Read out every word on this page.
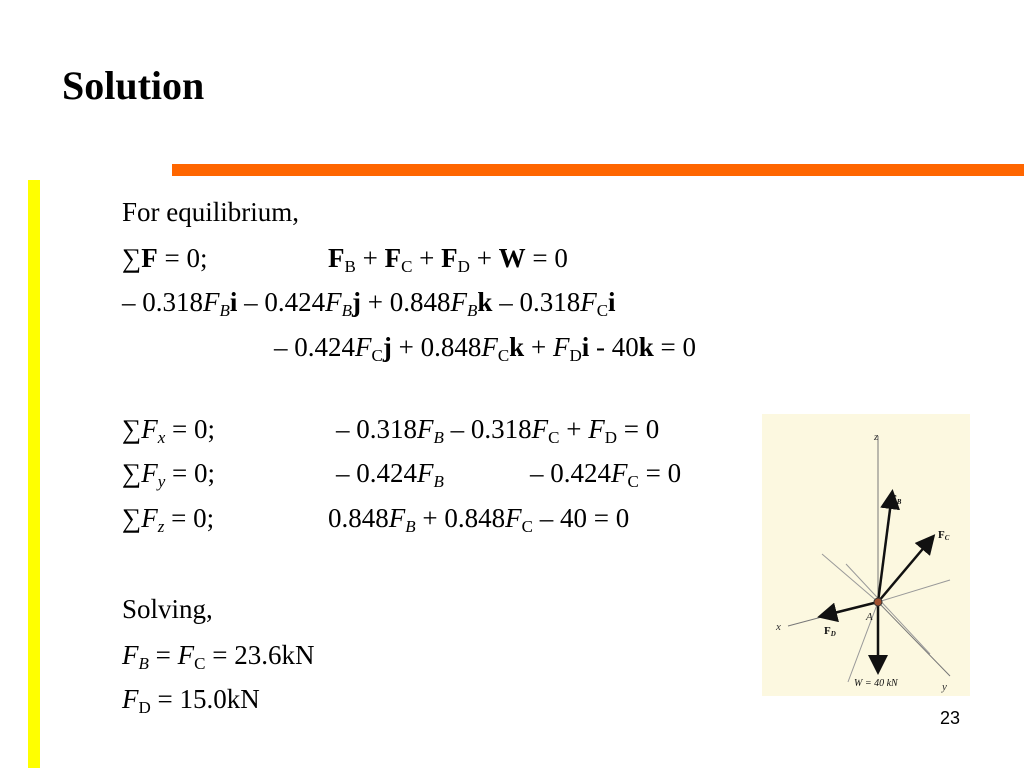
Solution
For equilibrium,
∑F = 0;	$F_B + F_C + F_D + W = 0$
– $0.318F_Bi - 0.424F_Bj + 0.848F_Bk - 0.318F_Ci$
– $0.424F_Cj + 0.848F_Ck + F_Di - 40k = 0$
$\sum F_x = 0$;	– $0.318F_B - 0.318F_C + F_D = 0$
$\sum F_y = 0$;	– $0.424F_B$	– $0.424F_C = 0$
$\sum F_z = 0$;	$0.848F_B + 0.848F_C - 40 = 0$
Solving,
$F_B = F_C = 23.6kN$
$F_D = 15.0kN$
z
x
y
A
FB
FC
FD
W = 40 kN
23
